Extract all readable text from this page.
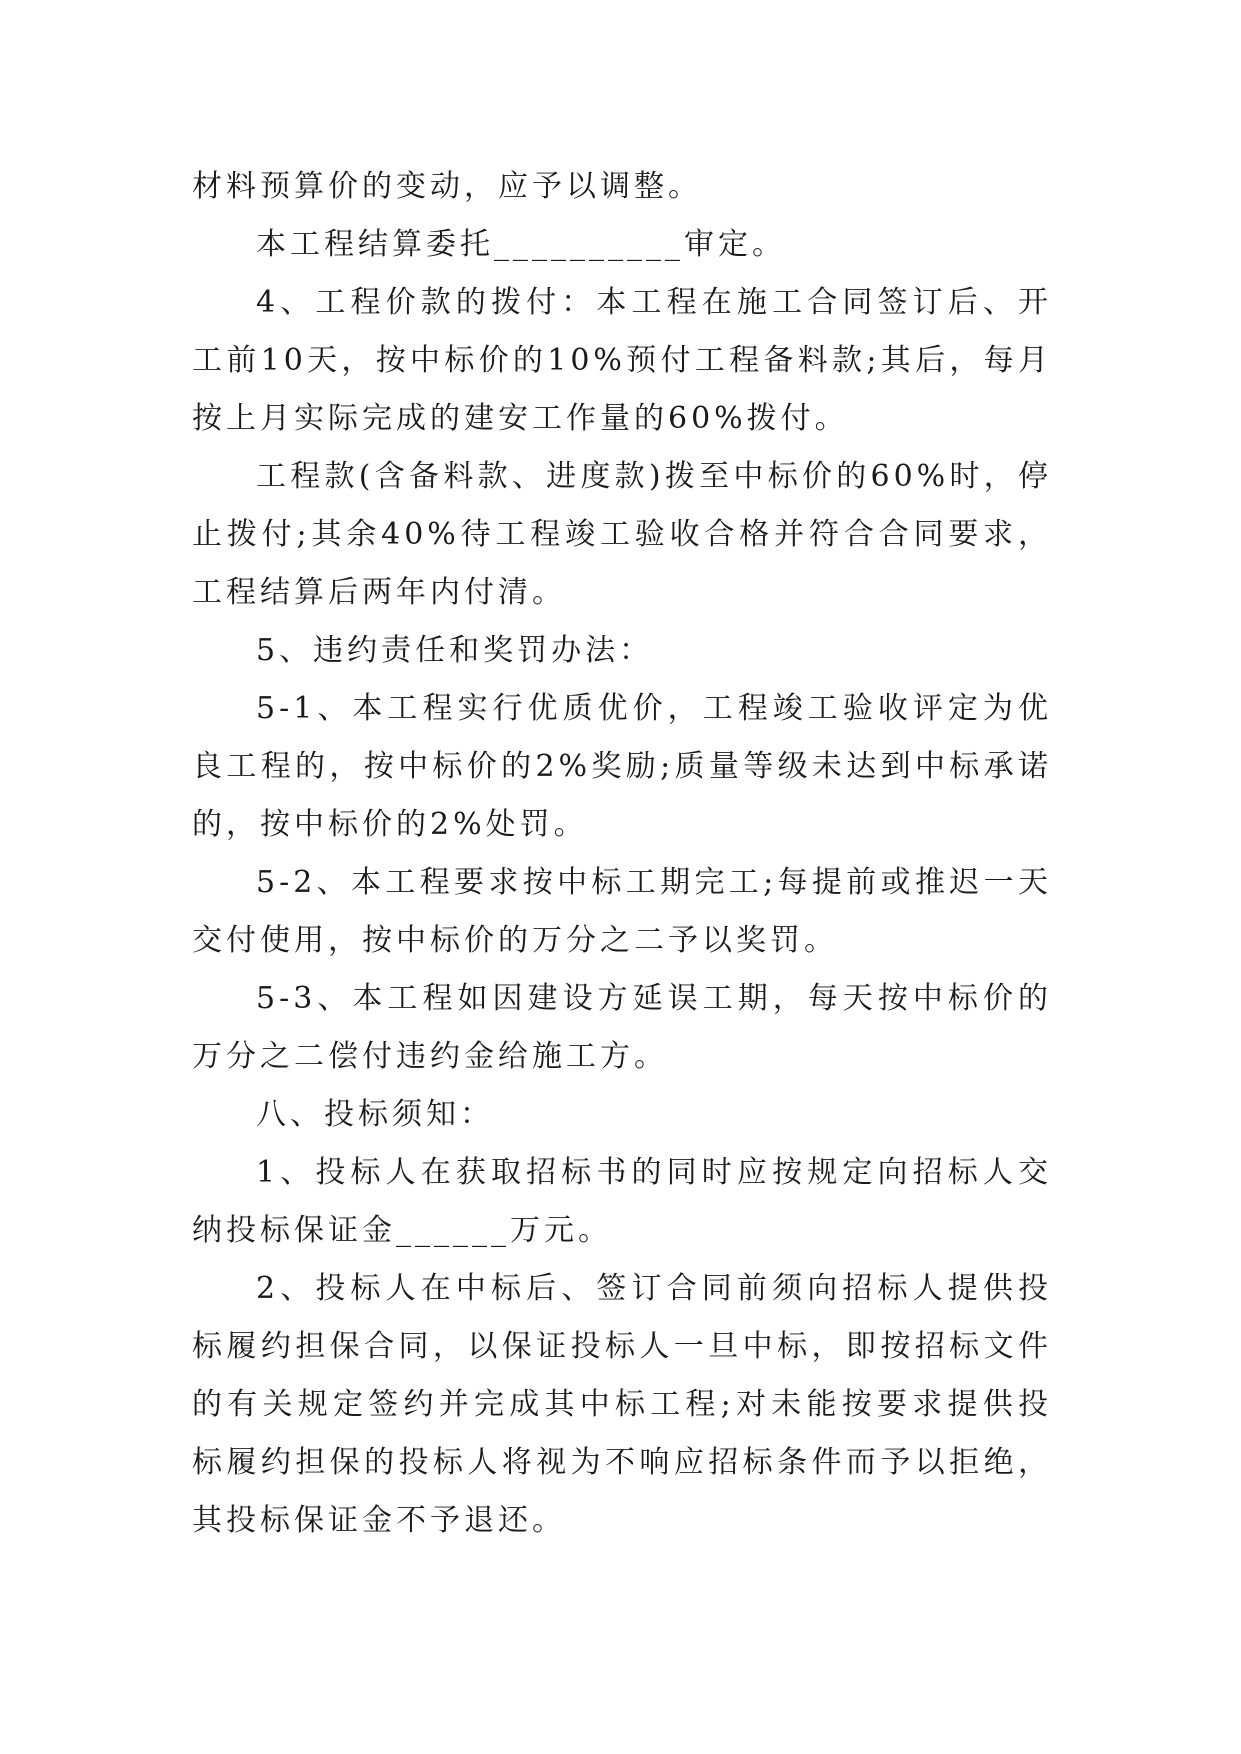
材料预算价的变动，应予以调整。

本工程结算委托__________审定。

4、工程价款的拨付：本工程在施工合同签订后、开工前10天，按中标价的10%预付工程备料款;其后，每月按上月实际完成的建安工作量的60%拨付。

工程款(含备料款、进度款)拨至中标价的60%时，停止拨付;其余40%待工程竣工验收合格并符合合同要求，工程结算后两年内付清。

5、违约责任和奖罚办法：

5-1、本工程实行优质优价，工程竣工验收评定为优良工程的，按中标价的2%奖励;质量等级未达到中标承诺的，按中标价的2%处罚。

5-2、本工程要求按中标工期完工;每提前或推迟一天交付使用，按中标价的万分之二予以奖罚。

5-3、本工程如因建设方延误工期，每天按中标价的万分之二偿付违约金给施工方。

八、投标须知：

1、投标人在获取招标书的同时应按规定向招标人交纳投标保证金______万元。

2、投标人在中标后、签订合同前须向招标人提供投标履约担保合同，以保证投标人一旦中标，即按招标文件的有关规定签约并完成其中标工程;对未能按要求提供投标履约担保的投标人将视为不响应招标条件而予以拒绝，其投标保证金不予退还。
